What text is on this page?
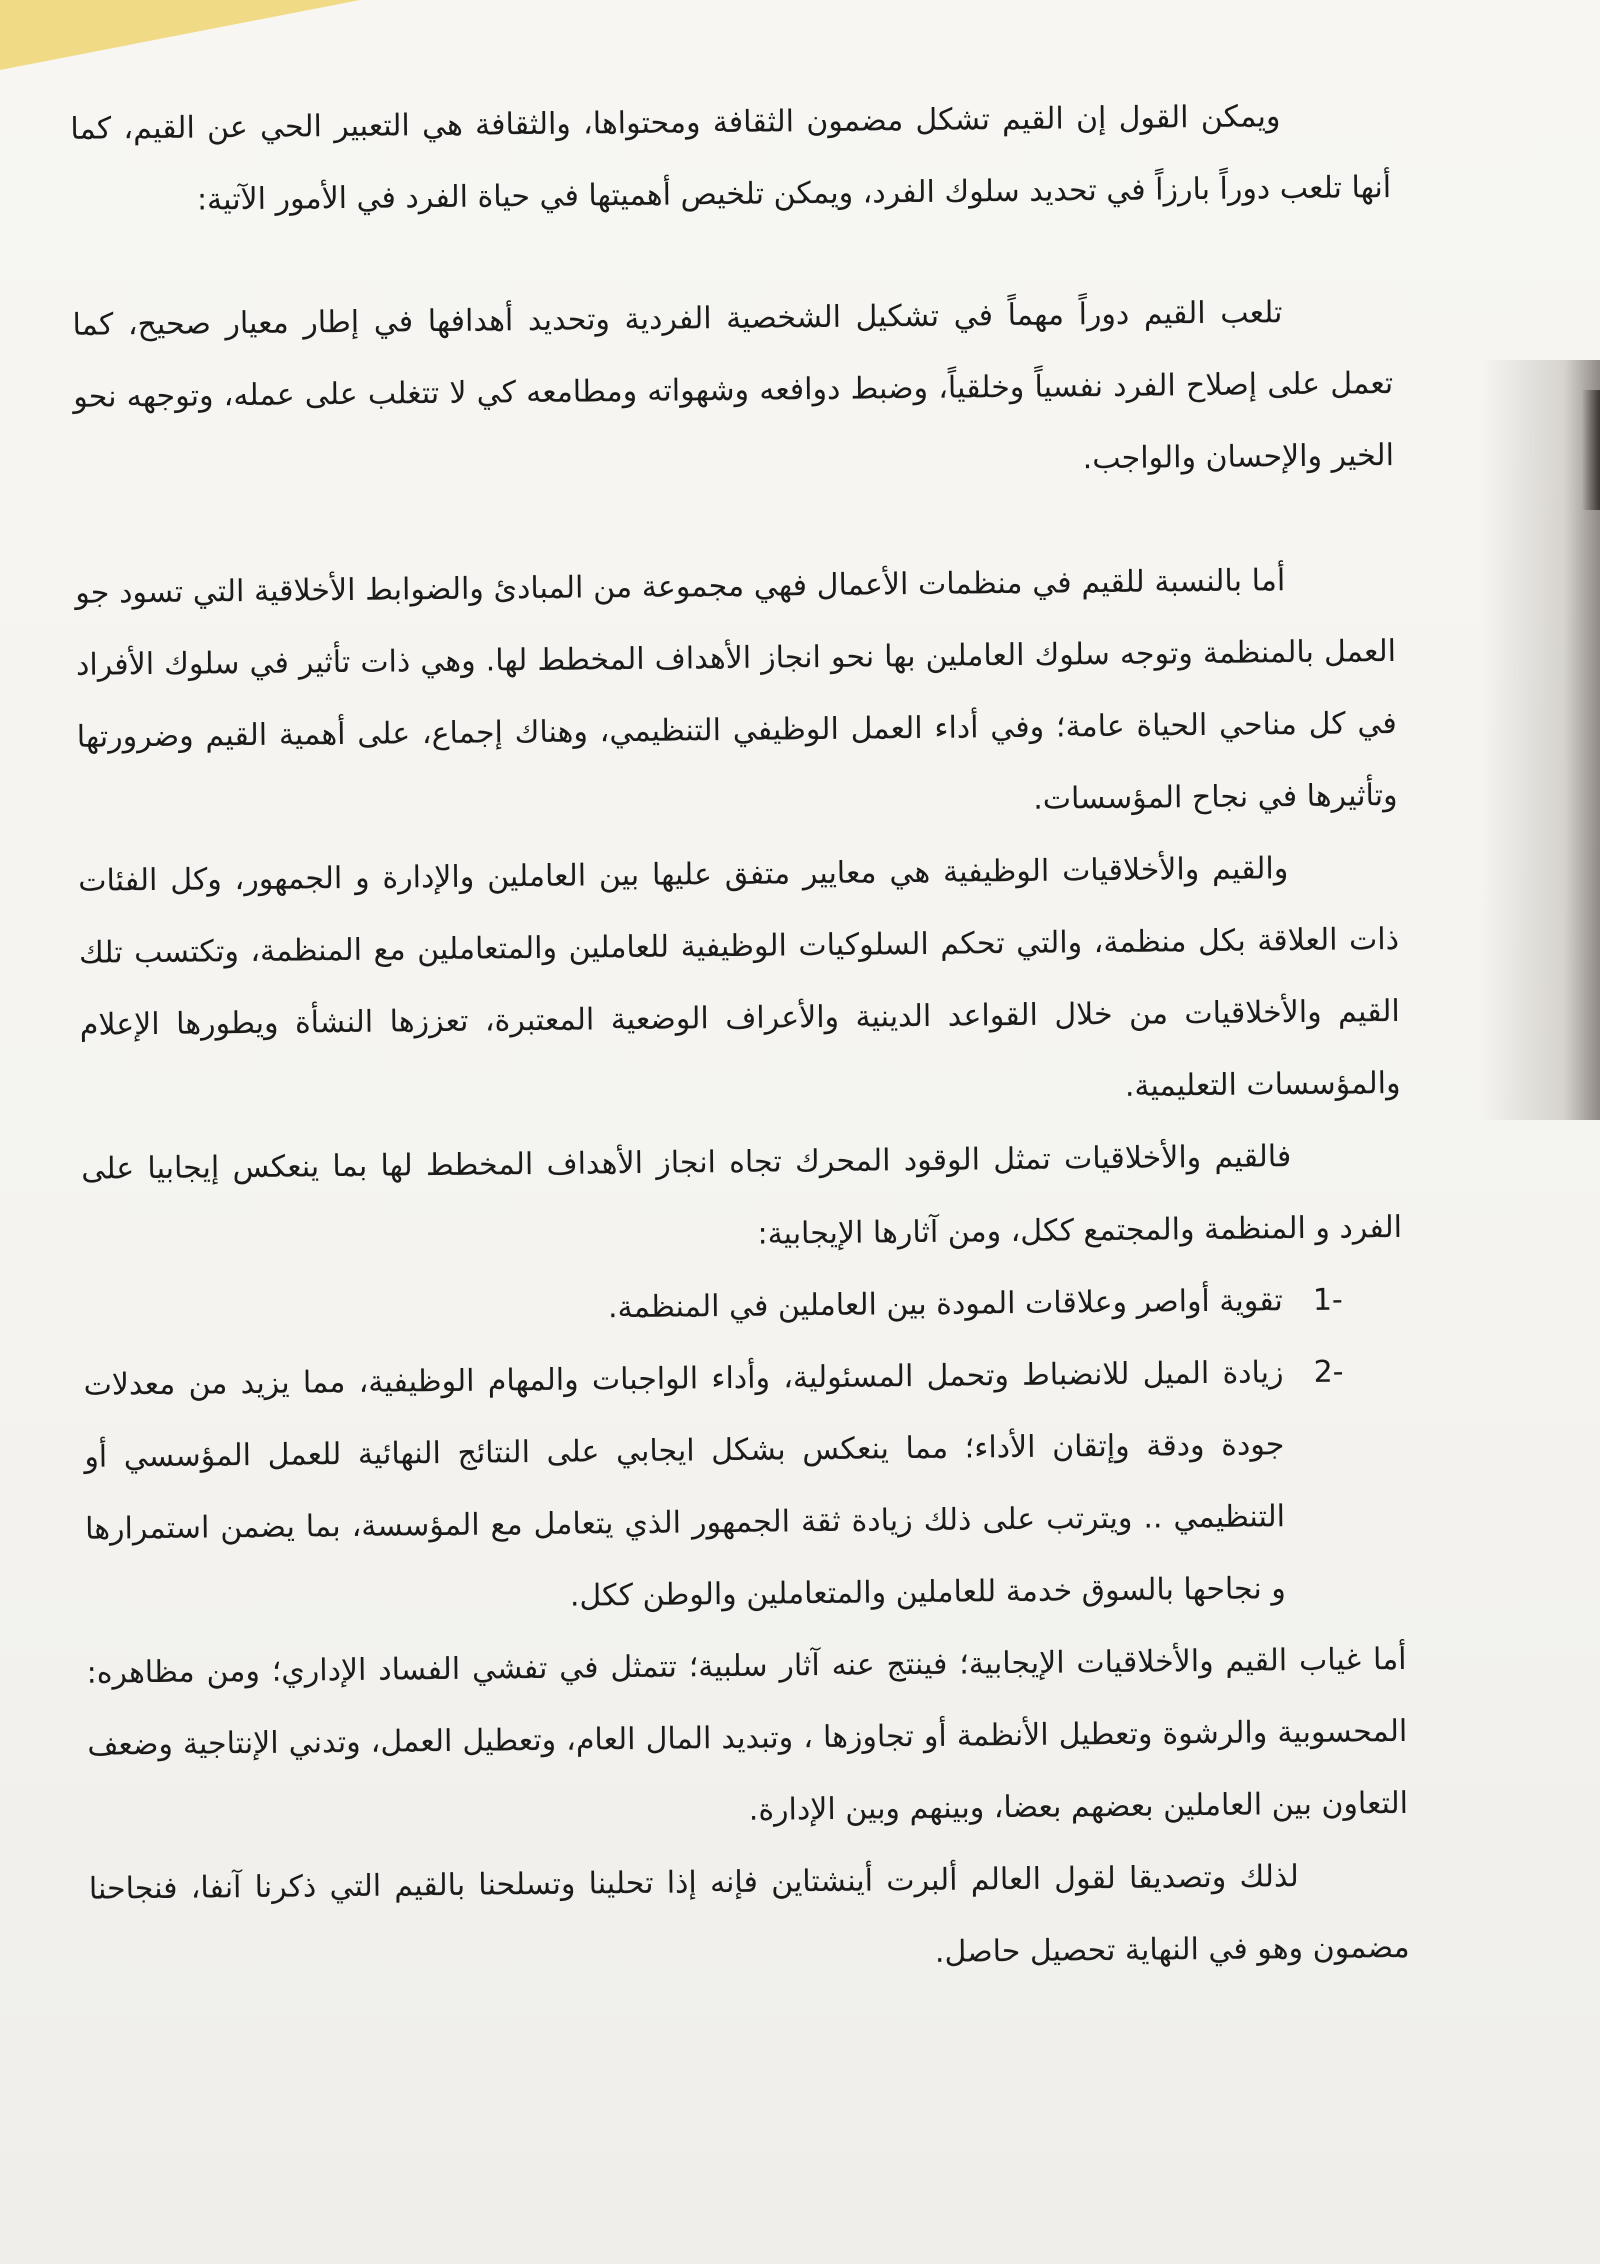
ويمكن القول إن القيم تشكل مضمون الثقافة ومحتواها، والثقافة هي التعبير الحي عن القيم، كما أنها تلعب دوراً بارزاً في تحديد سلوك الفرد، ويمكن تلخيص أهميتها في حياة الفرد في الأمور الآتية:

تلعب القيم دوراً مهماً في تشكيل الشخصية الفردية وتحديد أهدافها في إطار معيار صحيح، كما تعمل على إصلاح الفرد نفسياً وخلقياً، وضبط دوافعه وشهواته ومطامعه كي لا تتغلب على عمله، وتوجهه نحو الخير والإحسان والواجب.

أما بالنسبة للقيم في منظمات الأعمال فهي مجموعة من المبادئ والضوابط الأخلاقية التي تسود جو العمل بالمنظمة وتوجه سلوك العاملين بها نحو انجاز الأهداف المخطط لها. وهي ذات تأثير في سلوك الأفراد في كل مناحي الحياة عامة؛ وفي أداء العمل الوظيفي التنظيمي، وهناك إجماع، على أهمية القيم وضرورتها وتأثيرها في نجاح المؤسسات.

والقيم والأخلاقيات الوظيفية هي معايير متفق عليها بين العاملين والإدارة و الجمهور، وكل الفئات ذات العلاقة بكل منظمة، والتي تحكم السلوكيات الوظيفية للعاملين والمتعاملين مع المنظمة، وتكتسب تلك القيم والأخلاقيات من خلال القواعد الدينية والأعراف الوضعية المعتبرة، تعززها النشأة ويطورها الإعلام والمؤسسات التعليمية.

فالقيم والأخلاقيات تمثل الوقود المحرك تجاه انجاز الأهداف المخطط لها بما ينعكس إيجابيا على الفرد و المنظمة والمجتمع ككل، ومن آثارها الإيجابية:

-1
تقوية أواصر وعلاقات المودة بين العاملين في المنظمة.
-2
زيادة الميل للانضباط وتحمل المسئولية، وأداء الواجبات والمهام الوظيفية، مما يزيد من معدلات جودة ودقة وإتقان الأداء؛ مما ينعكس بشكل ايجابي على النتائج النهائية للعمل المؤسسي أو التنظيمي .. ويترتب على ذلك زيادة ثقة الجمهور الذي يتعامل مع المؤسسة، بما يضمن استمرارها و نجاحها بالسوق خدمة للعاملين والمتعاملين والوطن ككل.

أما غياب القيم والأخلاقيات الإيجابية؛ فينتج عنه آثار سلبية؛ تتمثل في تفشي الفساد الإداري؛ ومن مظاهره: المحسوبية والرشوة وتعطيل الأنظمة أو تجاوزها ، وتبديد المال العام، وتعطيل العمل، وتدني الإنتاجية وضعف التعاون بين العاملين بعضهم بعضا، وبينهم وبين الإدارة.

لذلك وتصديقا لقول العالم ألبرت أينشتاين فإنه إذا تحلينا وتسلحنا بالقيم التي ذكرنا آنفا، فنجاحنا مضمون وهو في النهاية تحصيل حاصل.
